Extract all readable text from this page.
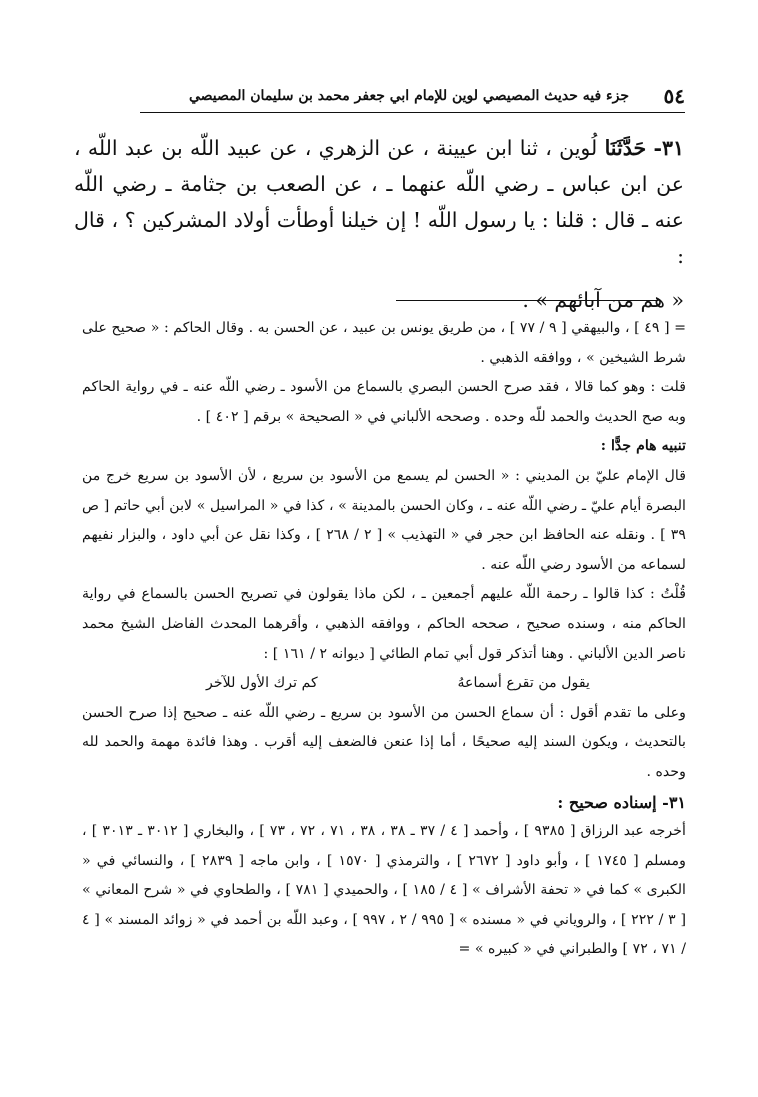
٥٤
جزء فيه حديث المصيصي لوين للإمام ابي جعفر محمد بن سليمان المصيصي

٣١- حَدَّثَنَا لُوين ، ثنا ابن عيينة ، عن الزهري ، عن عبيد اللّه بن عبد اللّه ، عن ابن عباس ـ رضي اللّه عنهما ـ ، عن الصعب بن جثامة ـ رضي اللّه عنه ـ قال : قلنا : يا رسول اللّه ! إن خيلنا أوطأت أولاد المشركين ؟ ، قال :

« هم من آبائهم » .

= [ ٤٩ ] ، والبيهقي [ ٩ / ٧٧ ] ، من طريق يونس بن عبيد ، عن الحسن به . وقال الحاكم : « صحيح على شرط الشيخين » ، ووافقه الذهبي .

قلت : وهو كما قالا ، فقد صرح الحسن البصري بالسماع من الأسود ـ رضي اللّه عنه ـ في رواية الحاكم وبه صح الحديث والحمد للّه وحده . وصححه الألباني في « الصحيحة » برقم [ ٤٠٢ ] .

تنبيه هام جدًّا :

قال الإمام عليّ بن المديني : « الحسن لم يسمع من الأسود بن سريع ، لأن الأسود بن سريع خرج من البصرة أيام عليّ ـ رضي اللّه عنه ـ ، وكان الحسن بالمدينة » ، كذا في « المراسيل » لابن أبي حاتم [ ص ٣٩ ] . ونقله عنه الحافظ ابن حجر في « التهذيب » [ ٢ / ٢٦٨ ] ، وكذا نقل عن أبي داود ، والبزار نفيهم لسماعه من الأسود رضي اللّه عنه .

قُلْتُ : كذا قالوا ـ رحمة اللّه عليهم أجمعين ـ ، لكن ماذا يقولون في تصريح الحسن بالسماع في رواية الحاكم منه ، وسنده صحيح ، صححه الحاكم ، ووافقه الذهبي ، وأقرهما المحدث الفاضل الشيخ محمد ناصر الدين الألباني . وهنا أتذكر قول أبي تمام الطائي [ ديوانه ٢ / ١٦١ ] :

يقول من تقرع أسماعهُ
كم ترك الأول للآخر

وعلى ما تقدم أقول : أن سماع الحسن من الأسود بن سريع ـ رضي اللّه عنه ـ صحيح إذا صرح الحسن بالتحديث ، ويكون السند إليه صحيحًا ، أما إذا عنعن فالضعف إليه أقرب . وهذا فائدة مهمة والحمد لله وحده .

٣١- إسناده صحيح :

أخرجه عبد الرزاق [ ٩٣٨٥ ] ، وأحمد [ ٤ / ٣٧ ـ ٣٨ ، ٣٨ ، ٧١ ، ٧٢ ، ٧٣ ] ، والبخاري [ ٣٠١٢ ـ ٣٠١٣ ] ، ومسلم [ ١٧٤٥ ] ، وأبو داود [ ٢٦٧٢ ] ، والترمذي [ ١٥٧٠ ] ، وابن ماجه [ ٢٨٣٩ ] ، والنسائي في « الكبرى » كما في « تحفة الأشراف » [ ٤ / ١٨٥ ] ، والحميدي [ ٧٨١ ] ، والطحاوي في « شرح المعاني » [ ٣ / ٢٢٢ ] ، والروياني في « مسنده » [ ٩٩٥ / ٢ ، ٩٩٧ ] ، وعبد اللّه بن أحمد في « زوائد المسند » [ ٤ / ٧١ ، ٧٢ ] والطبراني في « كبيره » =
